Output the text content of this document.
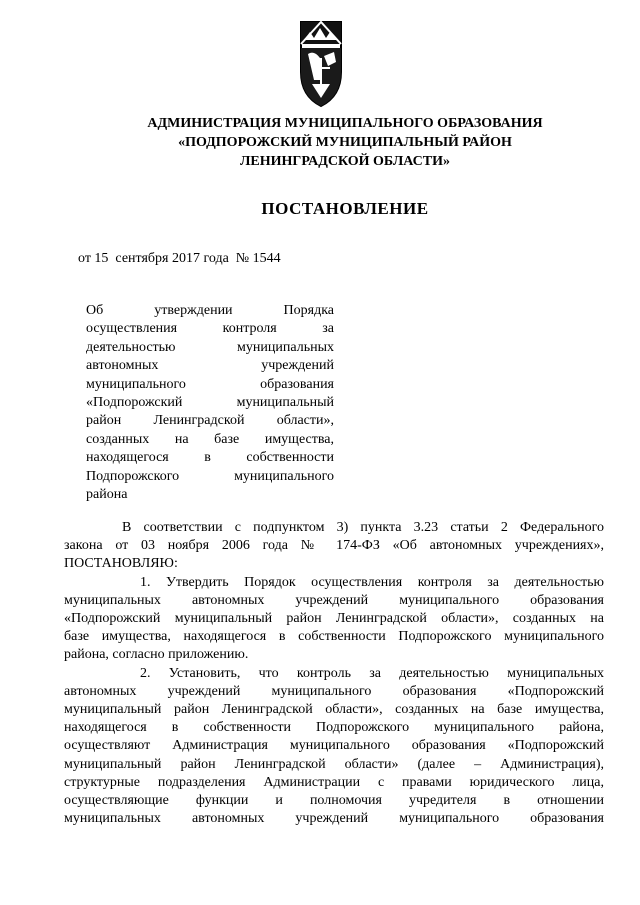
АДМИНИСТРАЦИЯ МУНИЦИПАЛЬНОГО ОБРАЗОВАНИЯ
«ПОДПОРОЖСКИЙ МУНИЦИПАЛЬНЫЙ РАЙОН
ЛЕНИНГРАДСКОЙ ОБЛАСТИ»
ПОСТАНОВЛЕНИЕ
от 15  сентября 2017 года  № 1544
Об утверждении Порядка
осуществления контроля за
деятельностью муниципальных
автономных учреждений
муниципального образования
«Подпорожский муниципальный
район Ленинградской области»,
созданных на базе имущества,
находящегося в собственности
Подпорожского муниципального
района
В соответствии с подпунктом 3) пункта 3.23 статьи 2 Федерального
закона от 03 ноября 2006 года № 174-ФЗ «Об автономных учреждениях»,
ПОСТАНОВЛЯЮ:
1. Утвердить Порядок осуществления контроля за деятельностью
муниципальных автономных учреждений муниципального образования
«Подпорожский муниципальный район Ленинградской области», созданных на
базе имущества, находящегося в собственности Подпорожского муниципального
района, согласно приложению.
2. Установить, что контроль за деятельностью муниципальных
автономных учреждений муниципального образования «Подпорожский
муниципальный район Ленинградской области», созданных на базе имущества,
находящегося в собственности Подпорожского муниципального района,
осуществляют Администрация муниципального образования «Подпорожский
муниципальный район Ленинградской области» (далее – Администрация),
структурные подразделения Администрации с правами юридического лица,
осуществляющие функции и полномочия учредителя в отношении
муниципальных автономных учреждений муниципального образования
